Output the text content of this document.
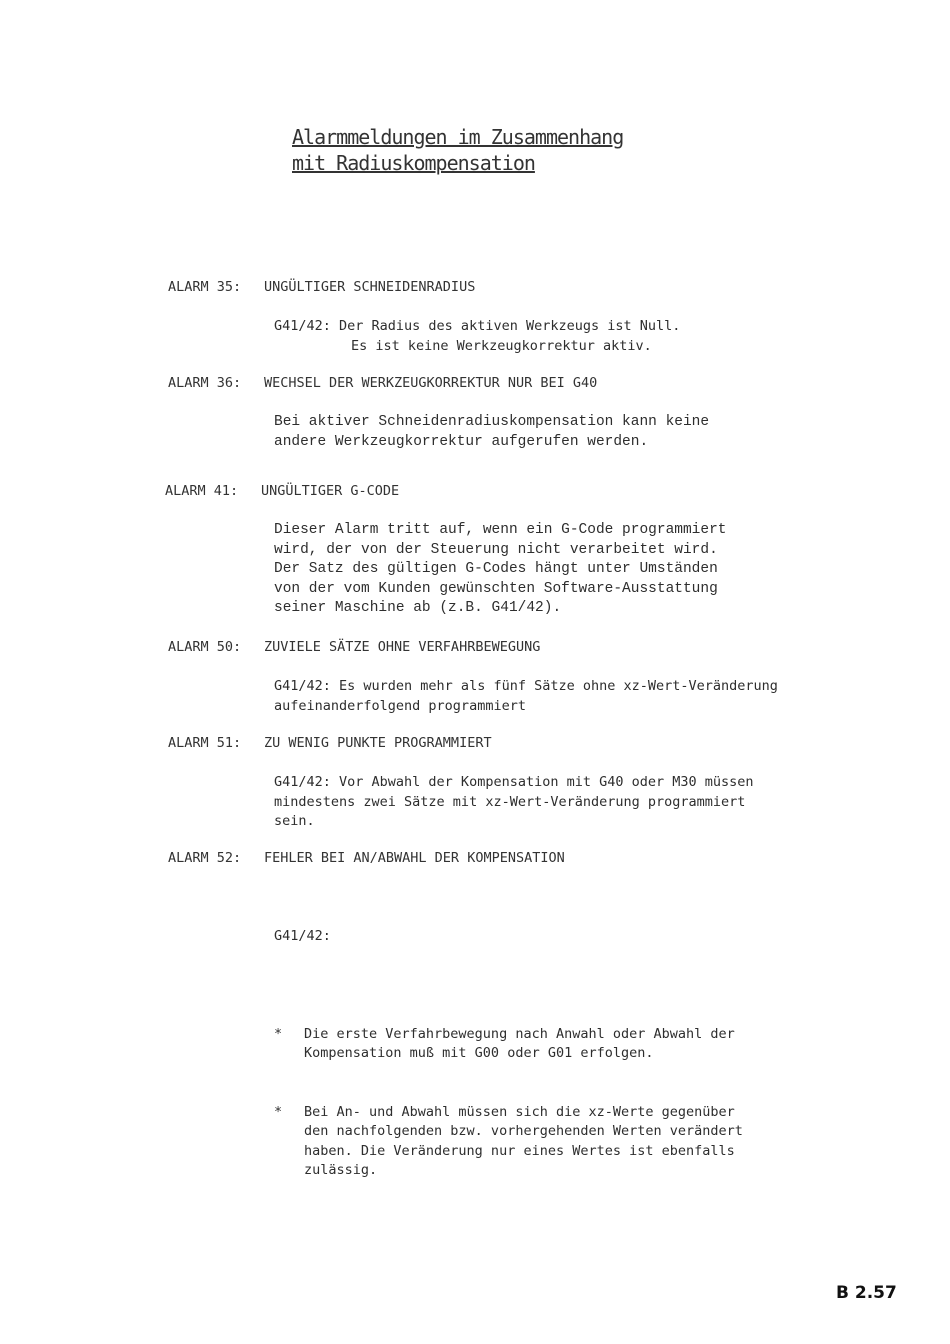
Alarmmeldungen im Zusammenhang
mit Radiuskompensation
ALARM 35: UNGÜLTIGER SCHNEIDENRADIUS
G41/42: Der Radius des aktiven Werkzeugs ist Null.
Es ist keine Werkzeugkorrektur aktiv.
ALARM 36: WECHSEL DER WERKZEUGKORREKTUR NUR BEI G40
Bei aktiver Schneidenradiuskompensation kann keine
andere Werkzeugkorrektur aufgerufen werden.
ALARM 41: UNGÜLTIGER G-CODE
Dieser Alarm tritt auf, wenn ein G-Code programmiert
wird, der von der Steuerung nicht verarbeitet wird.
Der Satz des gültigen G-Codes hängt unter Umständen
von der vom Kunden gewünschten Software-Ausstattung
seiner Maschine ab (z.B. G41/42).
ALARM 50: ZUVIELE SÄTZE OHNE VERFAHRBEWEGUNG
G41/42: Es wurden mehr als fünf Sätze ohne xz-Wert-Veränderung
aufeinanderfolgend programmiert
ALARM 51: ZU WENIG PUNKTE PROGRAMMIERT
G41/42: Vor Abwahl der Kompensation mit G40 oder M30 müssen
mindestens zwei Sätze mit xz-Wert-Veränderung programmiert
sein.
ALARM 52: FEHLER BEI AN/ABWAHL DER KOMPENSATION

G41/42:

* Die erste Verfahrbewegung nach Anwahl oder Abwahl der
Kompensation muß mit G00 oder G01 erfolgen.

* Bei An- und Abwahl müssen sich die xz-Werte gegenüber
den nachfolgenden bzw. vorhergehenden Werten verändert
haben. Die Veränderung nur eines Wertes ist ebenfalls
zulässig.

B 2.57
